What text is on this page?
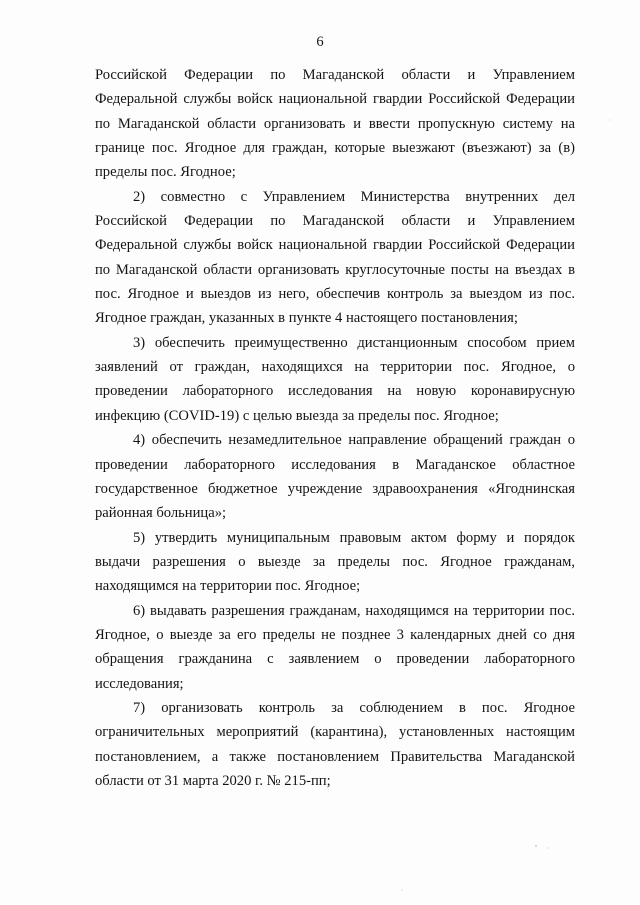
6

Российской Федерации по Магаданской области и Управлением Федеральной службы войск национальной гвардии Российской Федерации по Магаданской области организовать и ввести пропускную систему на границе пос. Ягодное для граждан, которые выезжают (въезжают) за (в) пределы пос. Ягодное;

2) совместно с Управлением Министерства внутренних дел Российской Федерации по Магаданской области и Управлением Федеральной службы войск национальной гвардии Российской Федерации по Магаданской области организовать круглосуточные посты на въездах в пос. Ягодное и выездов из него, обеспечив контроль за выездом из пос. Ягодное граждан, указанных в пункте 4 настоящего постановления;

3) обеспечить преимущественно дистанционным способом прием заявлений от граждан, находящихся на территории пос. Ягодное, о проведении лабораторного исследования на новую коронавирусную инфекцию (COVID-19) с целью выезда за пределы пос. Ягодное;

4) обеспечить незамедлительное направление обращений граждан о проведении лабораторного исследования в Магаданское областное государственное бюджетное учреждение здравоохранения «Ягоднинская районная больница»;

5) утвердить муниципальным правовым актом форму и порядок выдачи разрешения о выезде за пределы пос. Ягодное гражданам, находящимся на территории пос. Ягодное;

6) выдавать разрешения гражданам, находящимся на территории пос. Ягодное, о выезде за его пределы не позднее 3 календарных дней со дня обращения гражданина с заявлением о проведении лабораторного исследования;

7) организовать контроль за соблюдением в пос. Ягодное ограничительных мероприятий (карантина), установленных настоящим постановлением, а также постановлением Правительства Магаданской области от 31 марта 2020 г. № 215-пп;
